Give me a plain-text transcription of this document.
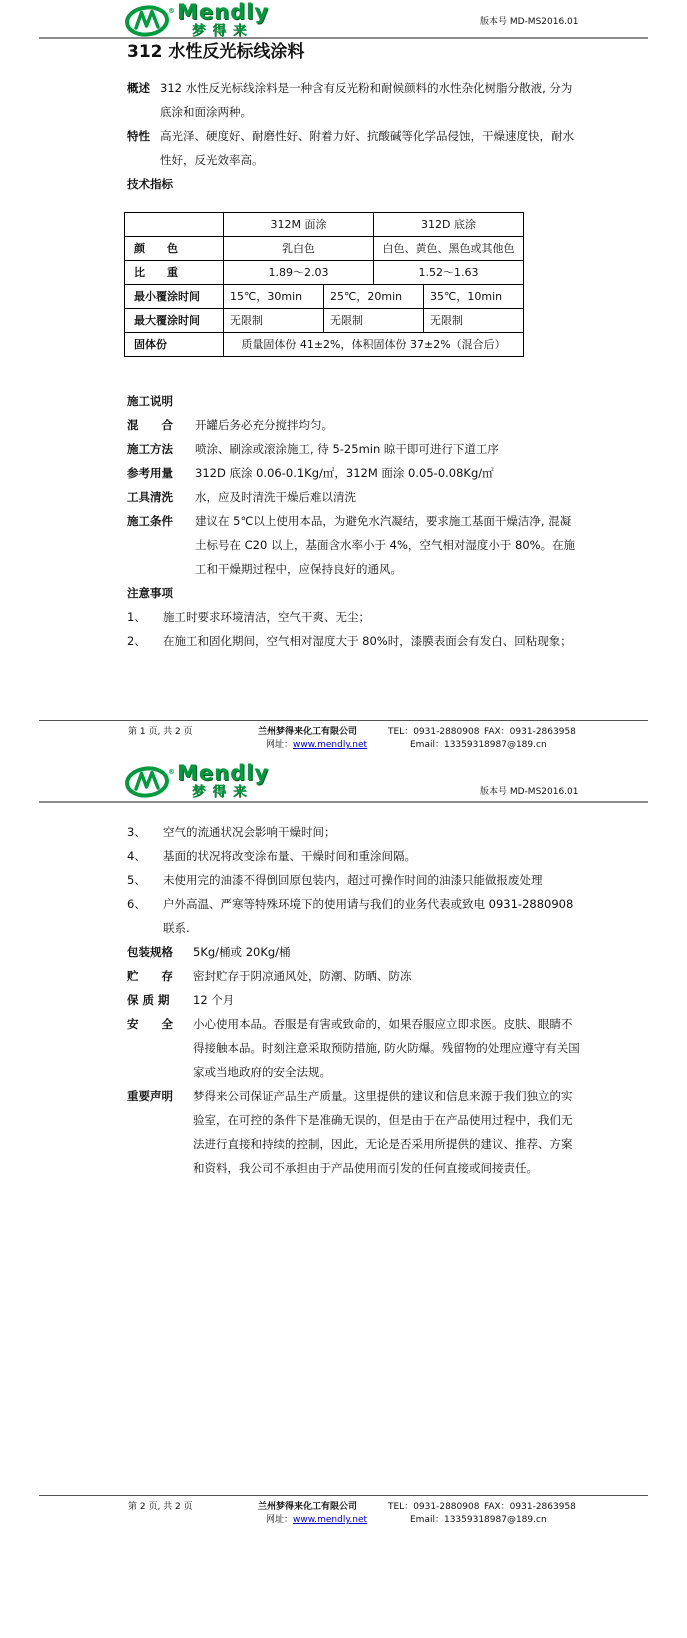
® Mendly
梦得来
版本号 MD-MS2016.01
312 水性反光标线涂料
概述 312 水性反光标线涂料是一种含有反光粉和耐候颜料的水性杂化树脂分散液, 分为底涂和面涂两种。
特性 高光泽、硬度好、耐磨性好、附着力好、抗酸碱等化学品侵蚀，干燥速度快，耐水性好，反光效率高。
技术指标
	312M 面涂		312D 底涂	
颜　　色	乳白色		白色、黄色、黑色或其他色	
比　　重	1.89～2.03		1.52～1.63	
最小覆涂时间	15℃，30min	25℃，20min		35℃，10min
最大覆涂时间	无限制	无限制		无限制
固体份	质量固体份 41±2%，体积固体份 37±2%（混合后）			
施工说明
混　　合	开罐后务必充分搅拌均匀。
施工方法	喷涂、刷涂或滚涂施工, 待 5-25min 晾干即可进行下道工序
参考用量	312D 底涂 0.06-0.1Kg/㎡，312M 面涂 0.05-0.08Kg/㎡
工具清洗	水，应及时清洗干燥后难以清洗
施工条件	建议在 5℃以上使用本品，为避免水汽凝结，要求施工基面干燥洁净, 混凝土标号在 C20 以上，基面含水率小于 4%，空气相对湿度小于 80%。在施工和干燥期过程中，应保持良好的通风。
注意事项
1、	施工时要求环境清洁，空气干爽、无尘；
2、	在施工和固化期间，空气相对湿度大于 80%时，漆膜表面会有发白、回粘现象；
第 1 页, 共 2 页	兰州梦得来化工有限公司	TEL：0931-2880908 FAX：0931-2863958
网址： www.mendly.net	Email：13359318987@189.cn
® Mendly
梦得来	版本号 MD-MS2016.01
3、	空气的流通状况会影响干燥时间；
4、	基面的状况将改变涂布量、干燥时间和重涂间隔。
5、	未使用完的油漆不得倒回原包装内，超过可操作时间的油漆只能做报废处理
6、	户外高温、严寒等特殊环境下的使用请与我们的业务代表或致电 0931-2880908 联系.
包装规格	5Kg/桶或 20Kg/桶
贮　　存	密封贮存于阴凉通风处，防潮、防晒、防冻
保 质 期	12 个月
安　　全	小心使用本品。吞服是有害或致命的，如果吞服应立即求医。皮肤、眼睛不得接触本品。时刻注意采取预防措施, 防火防爆。残留物的处理应遵守有关国家或当地政府的安全法规。
重要声明	梦得来公司保证产品生产质量。这里提供的建议和信息来源于我们独立的实验室，在可控的条件下是准确无误的，但是由于在产品使用过程中，我们无法进行直接和持续的控制，因此，无论是否采用所提供的建议、推荐、方案和资料，我公司不承担由于产品使用而引发的任何直接或间接责任。
第 2 页, 共 2 页	兰州梦得来化工有限公司	TEL：0931-2880908 FAX：0931-2863958
网址： www.mendly.net	Email：13359318987@189.cn
